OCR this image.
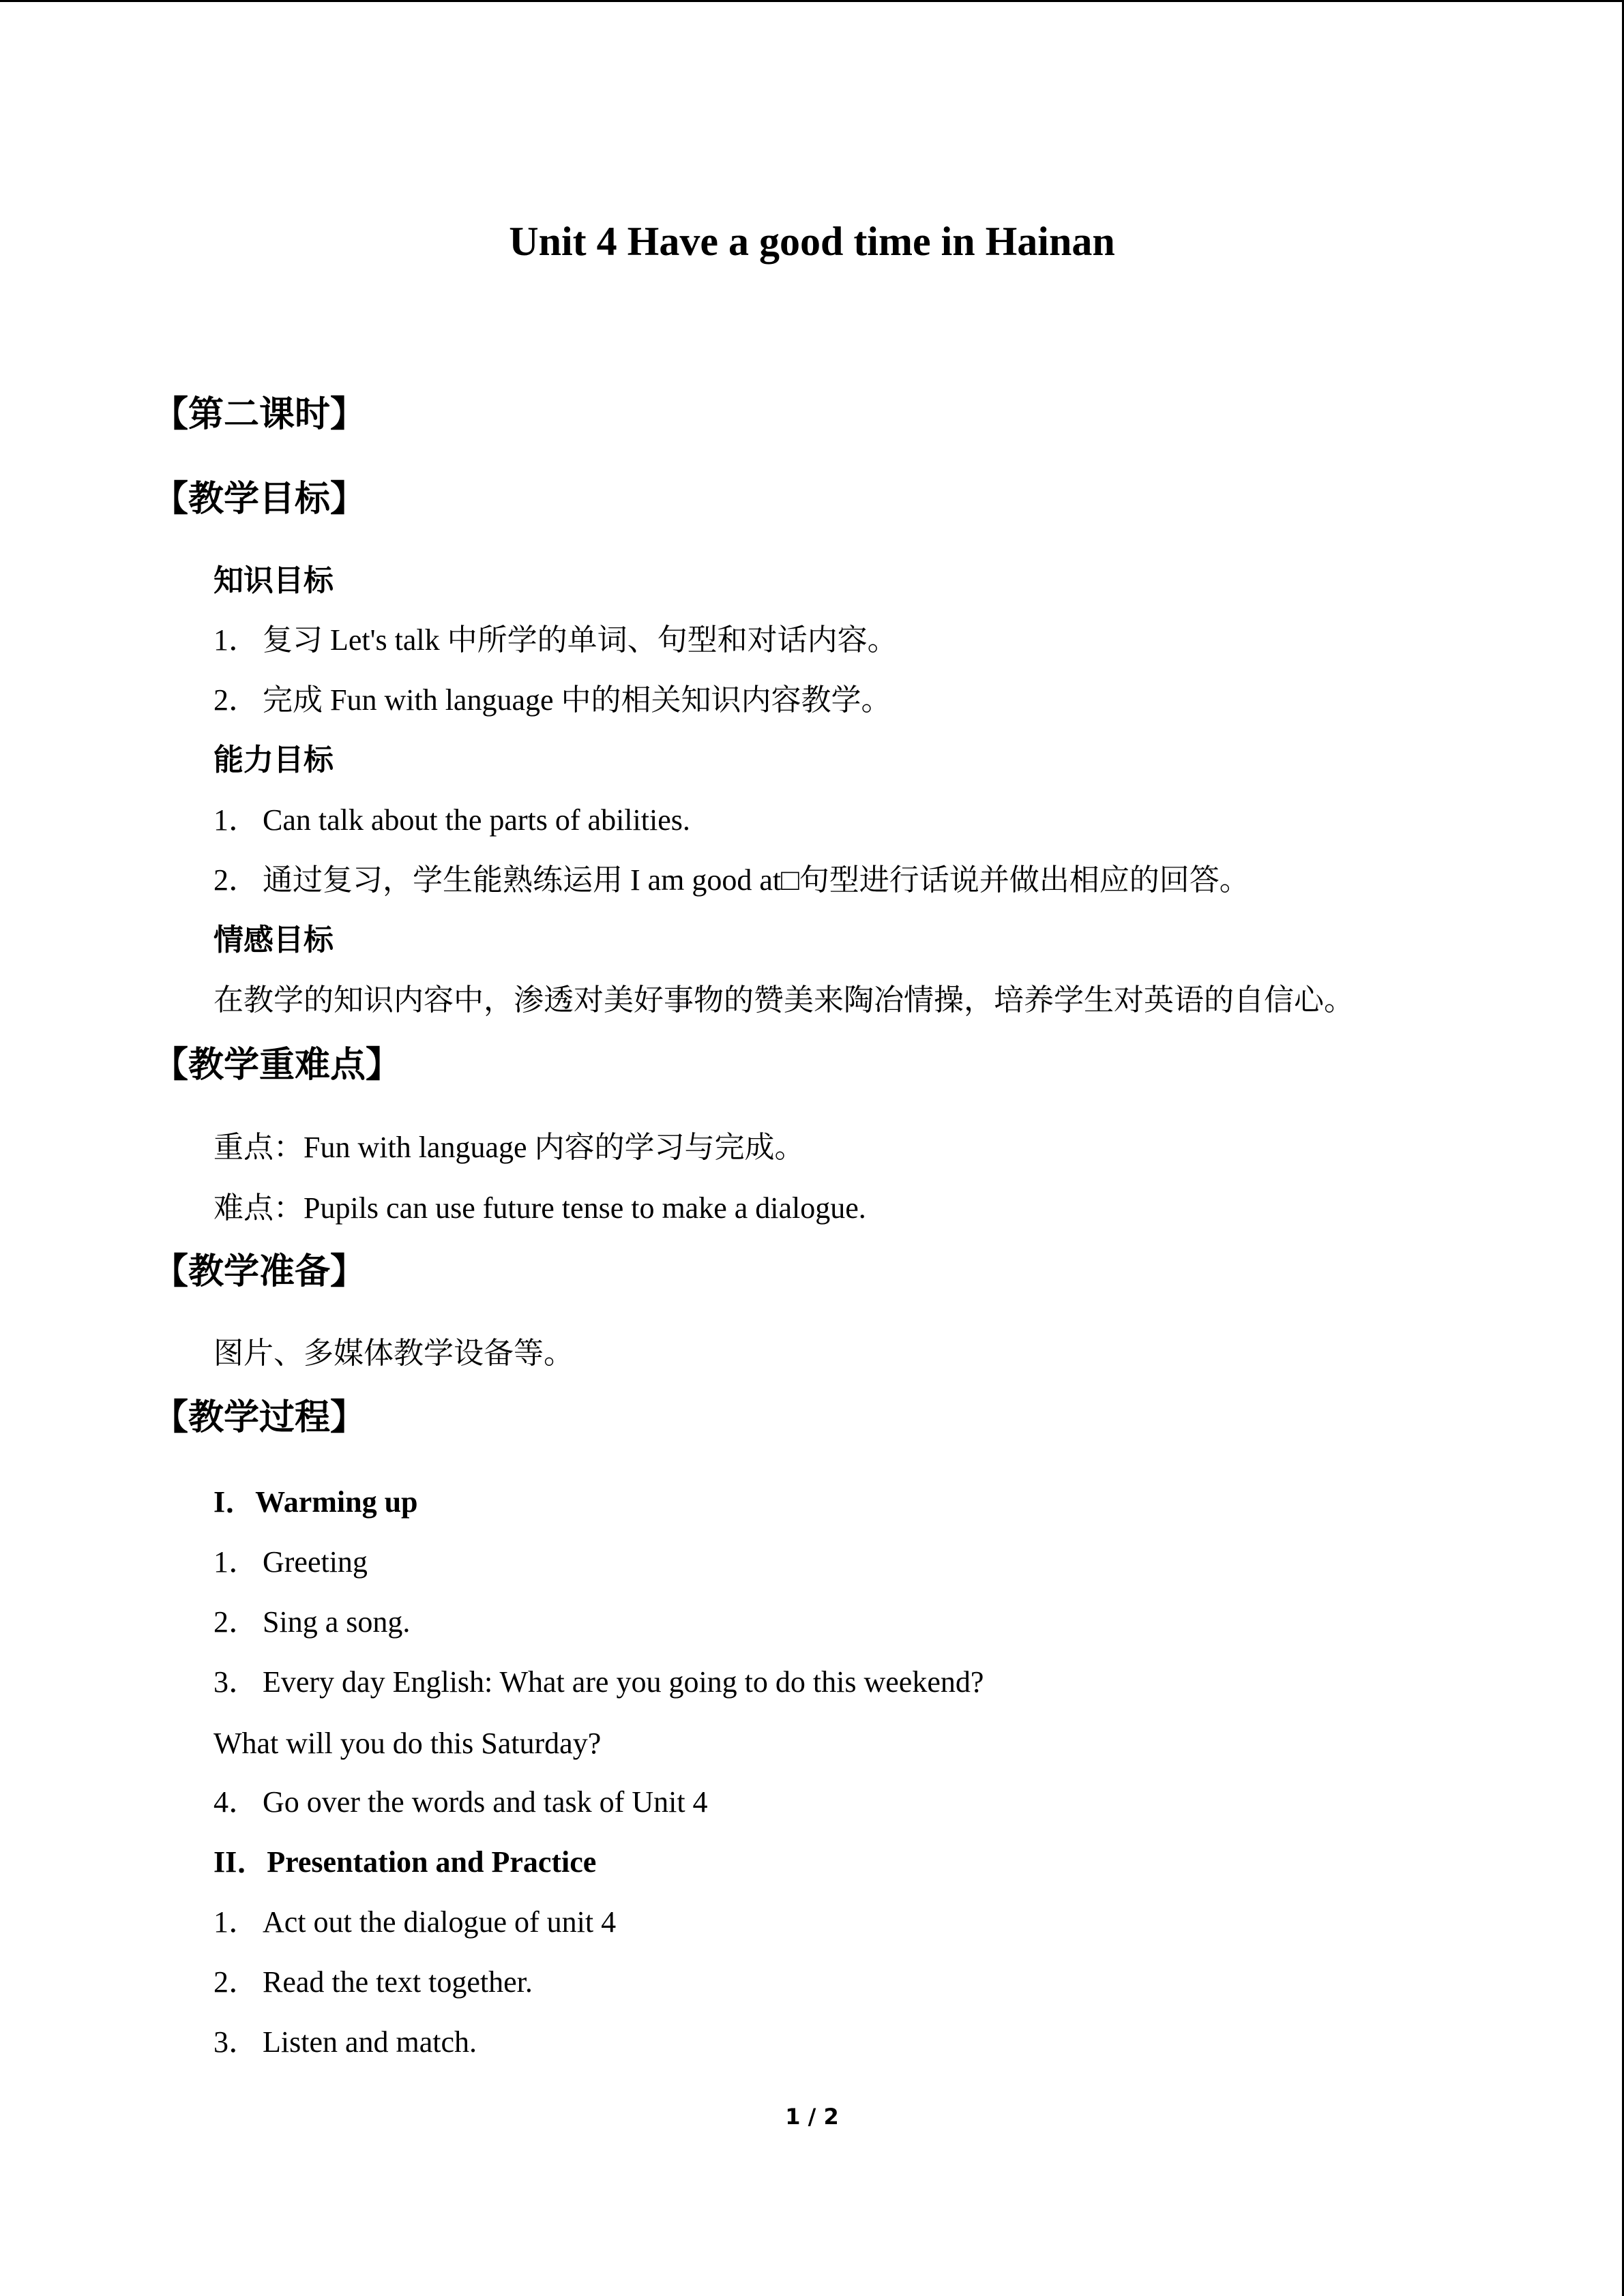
Unit 4 Have a good time in Hainan

【第二课时】

【教学目标】

知识目标

1． 复习 Let's talk 中所学的单词、句型和对话内容。

2． 完成 Fun with language 中的相关知识内容教学。

能力目标

1． Can talk about the parts of abilities.

2． 通过复习，学生能熟练运用 I am good at□句型进行话说并做出相应的回答。

情感目标

在教学的知识内容中，渗透对美好事物的赞美来陶冶情操，培养学生对英语的自信心。

【教学重难点】

重点：Fun with language 内容的学习与完成。

难点：Pupils can use future tense to make a dialogue.

【教学准备】

图片、多媒体教学设备等。

【教学过程】

I．Warming up

1． Greeting

2． Sing a song.

3． Every day English: What are you going to do this weekend?

What will you do this Saturday?

4． Go over the words and task of Unit 4

II．Presentation and Practice

1． Act out the dialogue of unit 4

2． Read the text together.

3． Listen and match.

1 / 2
